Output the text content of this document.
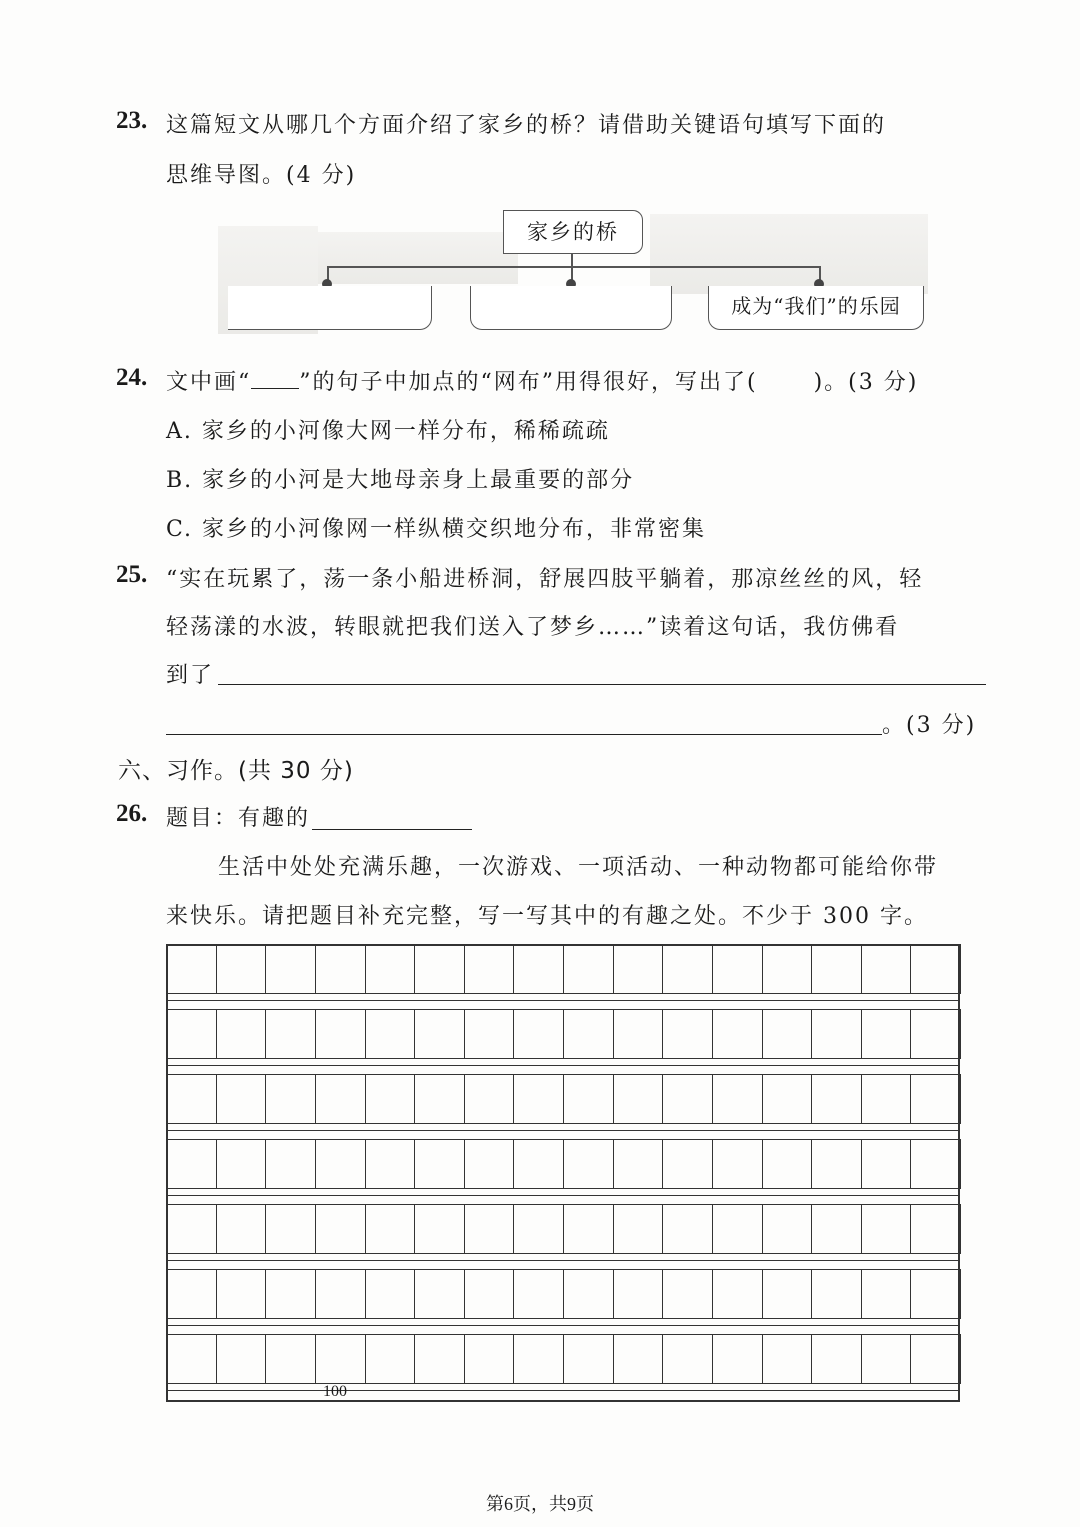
23. 这篇短文从哪几个方面介绍了家乡的桥？请借助关键语句填写下面的
思维导图。(4 分)
家乡的桥
成为“我们”的乐园
24. 文中画“ ”的句子中加点的“网布”用得很好，写出了(	)。(3 分)
A. 家乡的小河像大网一样分布，稀稀疏疏
B. 家乡的小河是大地母亲身上最重要的部分
C. 家乡的小河像网一样纵横交织地分布，非常密集
25. “实在玩累了，荡一条小船进桥洞，舒展四肢平躺着，那凉丝丝的风，轻
轻荡漾的水波，转眼就把我们送入了梦乡……”读着这句话，我仿佛看
到了
。(3 分)
六、习作。(共 30 分)
26. 题目：有趣的
生活中处处充满乐趣，一次游戏、一项活动、一种动物都可能给你带
来快乐。请把题目补充完整，写一写其中的有趣之处。不少于 300 字。
100
第6页，共9页
